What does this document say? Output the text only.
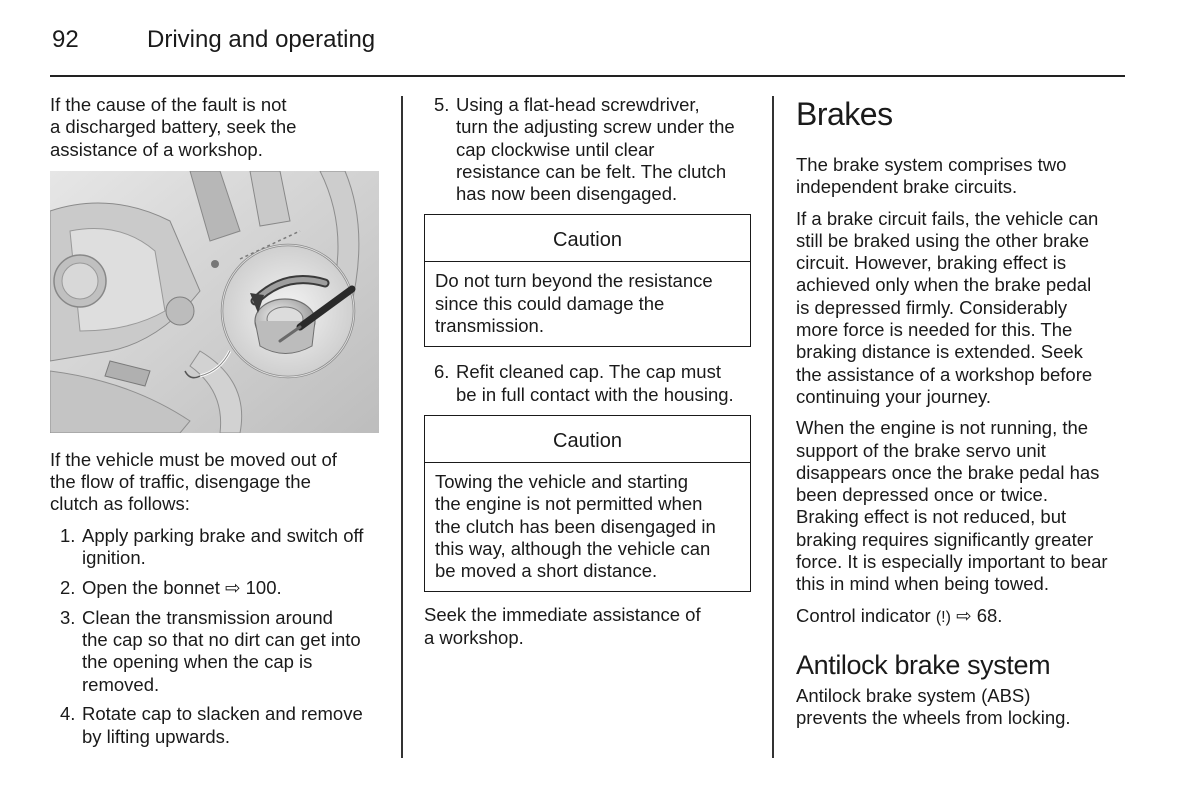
92	Driving and operating

If the cause of the fault is not
a discharged battery, seek the
assistance of a workshop.

If the vehicle must be moved out of
the flow of traffic, disengage the
clutch as follows:

1. Apply parking brake and switch off
ignition.
2. Open the bonnet ⇨ 100.
3. Clean the transmission around
the cap so that no dirt can get into
the opening when the cap is
removed.
4. Rotate cap to slacken and remove
by lifting upwards.
5. Using a flat-head screwdriver,
turn the adjusting screw under the
cap clockwise until clear
resistance can be felt. The clutch
has now been disengaged.
Caution
Do not turn beyond the resistance
since this could damage the
transmission.
6. Refit cleaned cap. The cap must
be in full contact with the housing.
Caution
Towing the vehicle and starting
the engine is not permitted when
the clutch has been disengaged in
this way, although the vehicle can
be moved a short distance.

Seek the immediate assistance of
a workshop.

Brakes

The brake system comprises two
independent brake circuits.

If a brake circuit fails, the vehicle can
still be braked using the other brake
circuit. However, braking effect is
achieved only when the brake pedal
is depressed firmly. Considerably
more force is needed for this. The
braking distance is extended. Seek
the assistance of a workshop before
continuing your journey.

When the engine is not running, the
support of the brake servo unit
disappears once the brake pedal has
been depressed once or twice.
Braking effect is not reduced, but
braking requires significantly greater
force. It is especially important to bear
this in mind when being towed.

Control indicator (!) ⇨ 68.

Antilock brake system

Antilock brake system (ABS)
prevents the wheels from locking.
